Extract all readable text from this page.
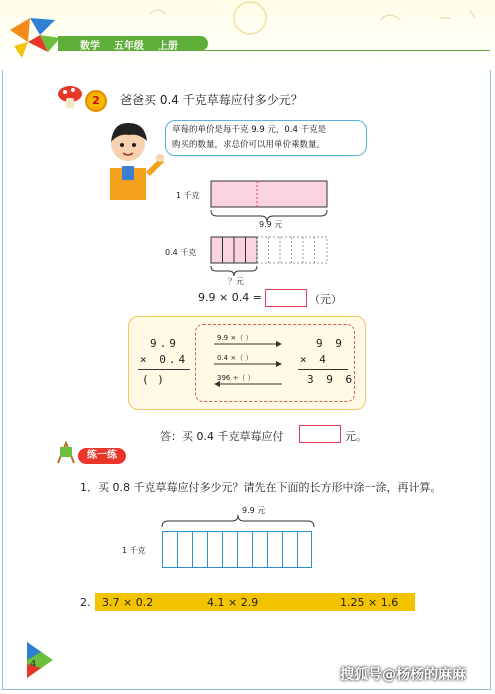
数学    五年级    上册
2	爸爸买 0.4 千克草莓应付多少元？
草莓的单价是每千克 9.9 元，0.4 千克是
购买的数量，求总价可以用单价乘数量。
1 千克
9.9 元
0.4 千克
？元
9.9 × 0.4 =	（元）
9.9
× 0.4
( )
9.9 ×（ ）
0.4 ×（ ）
396 ÷（ ）
9 9
× 4
3 9 6
答：买 0.4 千克草莓应付	元。
练一练
1．买 0.8 千克草莓应付多少元？请先在下面的长方形中涂一涂，再计算。
9.9 元
1 千克
2. 3.7 × 0.2	4.1 × 2.9	1.25 × 1.6
4
搜狐号@杨杨的麻麻
